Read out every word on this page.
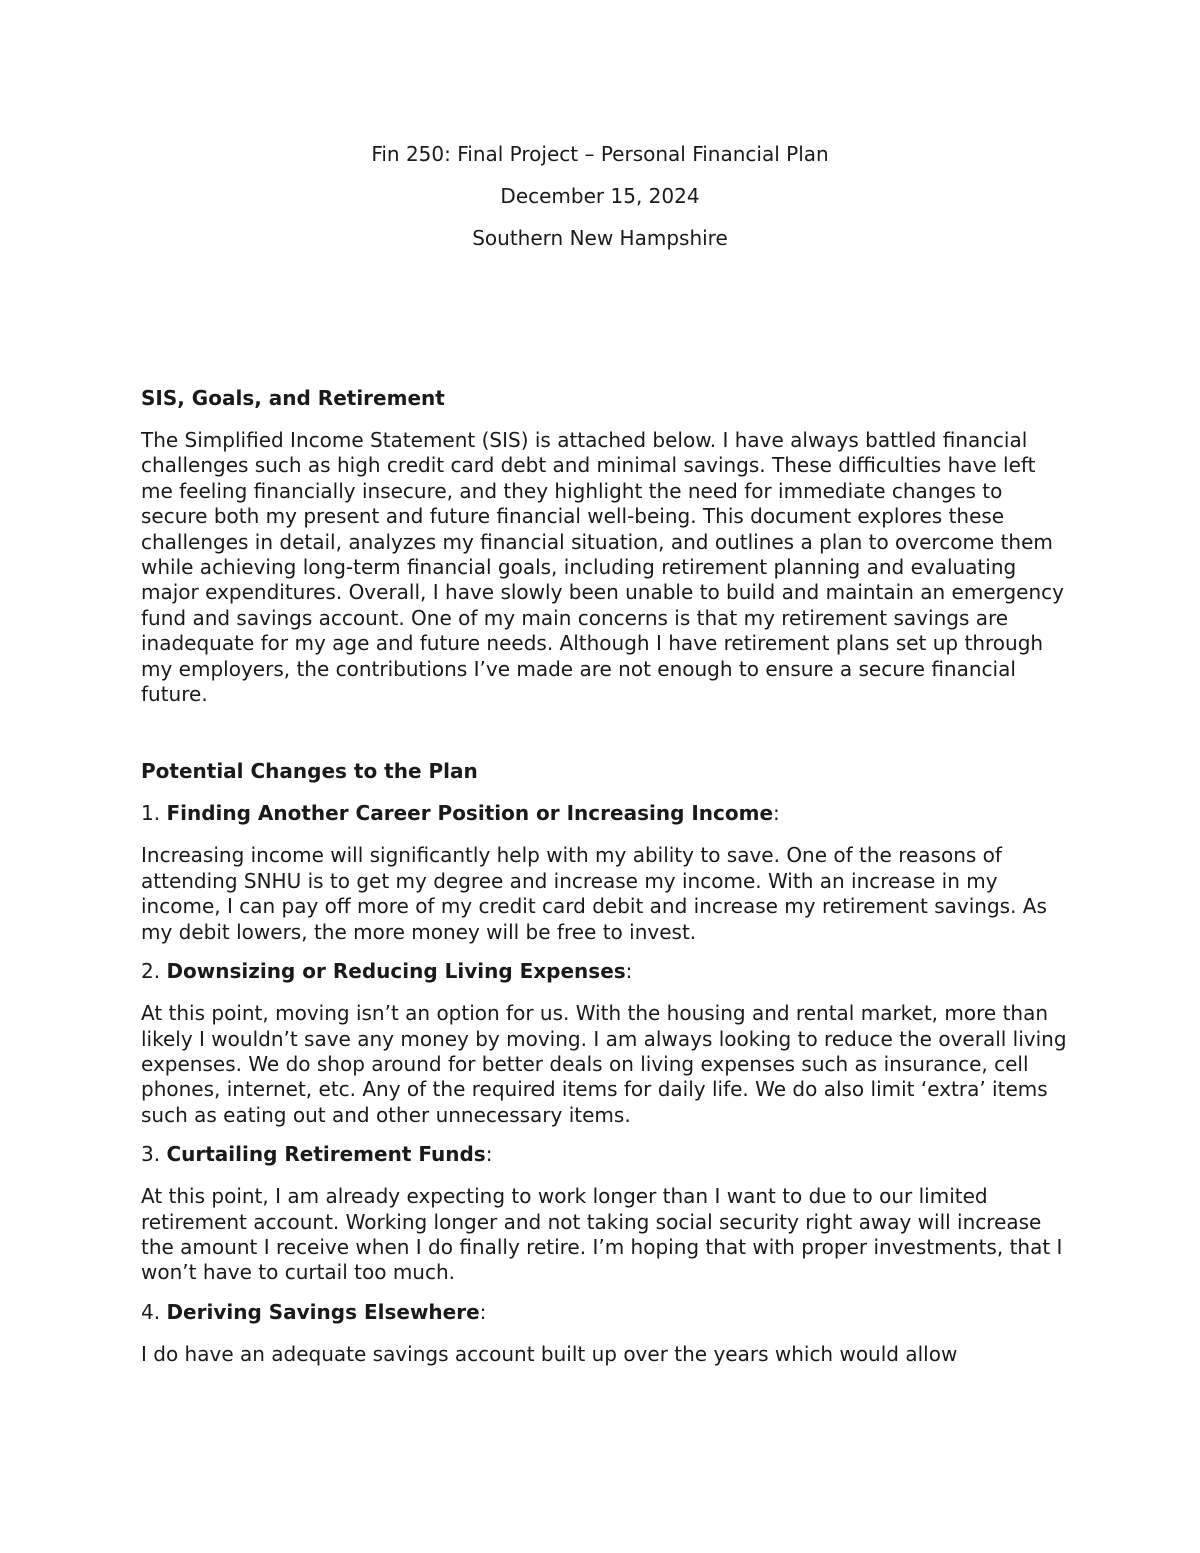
Fin 250: Final Project – Personal Financial Plan
December 15, 2024
Southern New Hampshire

SIS, Goals, and Retirement

The Simplified Income Statement (SIS) is attached below. I have always battled financial challenges such as high credit card debt and minimal savings. These difficulties have left me feeling financially insecure, and they highlight the need for immediate changes to secure both my present and future financial well-being. This document explores these challenges in detail, analyzes my financial situation, and outlines a plan to overcome them while achieving long-term financial goals, including retirement planning and evaluating major expenditures. Overall, I have slowly been unable to build and maintain an emergency fund and savings account. One of my main concerns is that my retirement savings are inadequate for my age and future needs. Although I have retirement plans set up through my employers, the contributions I’ve made are not enough to ensure a secure financial future.

Potential Changes to the Plan

1. Finding Another Career Position or Increasing Income:

Increasing income will significantly help with my ability to save. One of the reasons of attending SNHU is to get my degree and increase my income. With an increase in my income, I can pay off more of my credit card debit and increase my retirement savings. As my debit lowers, the more money will be free to invest.

2. Downsizing or Reducing Living Expenses:

At this point, moving isn’t an option for us. With the housing and rental market, more than likely I wouldn’t save any money by moving. I am always looking to reduce the overall living expenses. We do shop around for better deals on living expenses such as insurance, cell phones, internet, etc. Any of the required items for daily life. We do also limit ‘extra’ items such as eating out and other unnecessary items.

3. Curtailing Retirement Funds:

At this point, I am already expecting to work longer than I want to due to our limited retirement account. Working longer and not taking social security right away will increase the amount I receive when I do finally retire. I’m hoping that with proper investments, that I won’t have to curtail too much.

4. Deriving Savings Elsewhere:

I do have an adequate savings account built up over the years which would allow
